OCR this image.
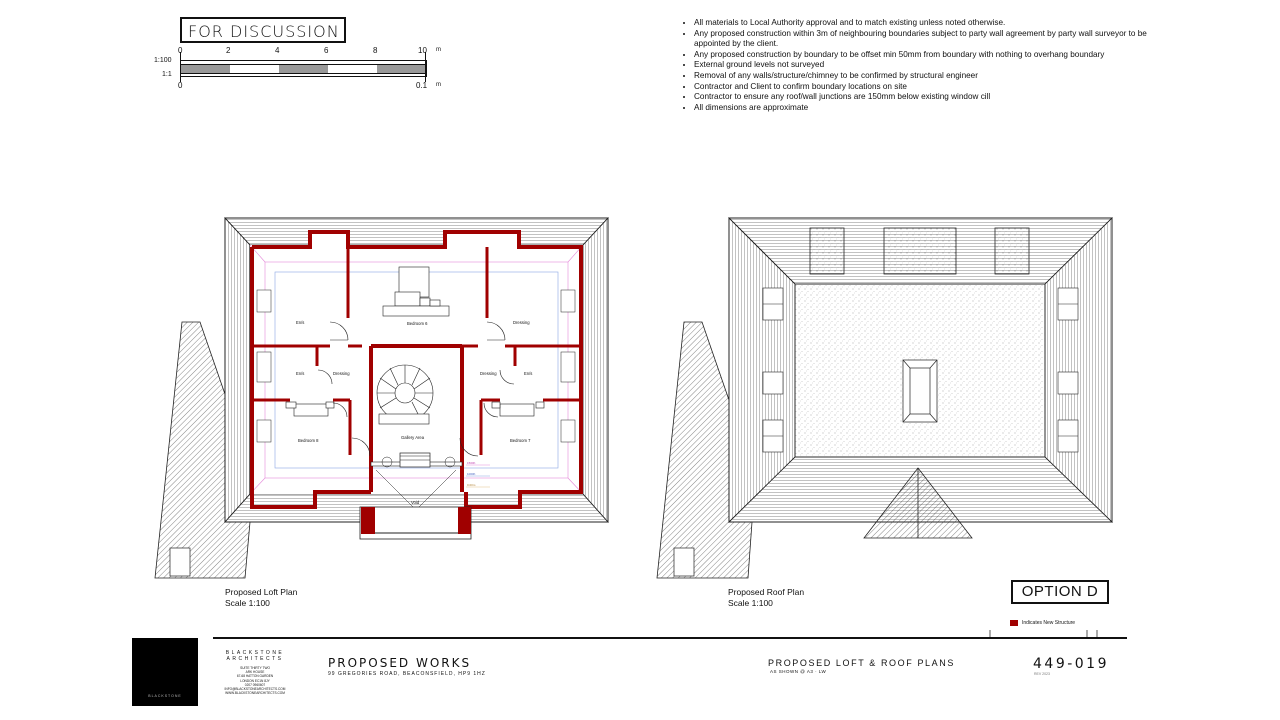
FOR DISCUSSION
0	2	4	6	8	10 m
1:100
1:1
0	0.1 m
• All materials to Local Authority approval and to match existing unless noted otherwise.
• Any proposed construction within 3m of neighbouring boundaries subject to party wall agreement by party wall surveyor to be appointed by the client.
• Any proposed construction by boundary to be offset min 50mm from boundary with nothing to overhang boundary
• External ground levels not surveyed
• Removal of any walls/structure/chimney to be confirmed by structural engineer
• Contractor and Client to confirm boundary locations on site
• Contractor to ensure any roof/wall junctions are 150mm below existing window cill
• All dimensions are approximate
En/s	Bedroom 6	Dressing
En/s	Dressing	Dressing	En/s
Bedroom 8
Gallery Area
Bedroom 7
Void
1500h
1000h
0.00m
Proposed Loft Plan
Scale 1:100
Proposed Roof Plan
Scale 1:100
OPTION D
Indicates New Structure
BLACKSTONE
BLACKSTONE
ARCHITECTS
SUITE THIRTY TWO
ARK HOUSE
67-68 HATTON GARDEN
LONDON EC1N 8JY
0207 0960607
INFO@BLACKSTONEARCHITECTS.COM
WWW.BLACKSTONEARCHITECTS.COM
PROPOSED WORKS
99 GREGORIES ROAD, BEACONSFIELD, HP9 1HZ
PROPOSED LOFT & ROOF PLANS
AS SHOWN @ A3 · LW	449-019
REV 2023
